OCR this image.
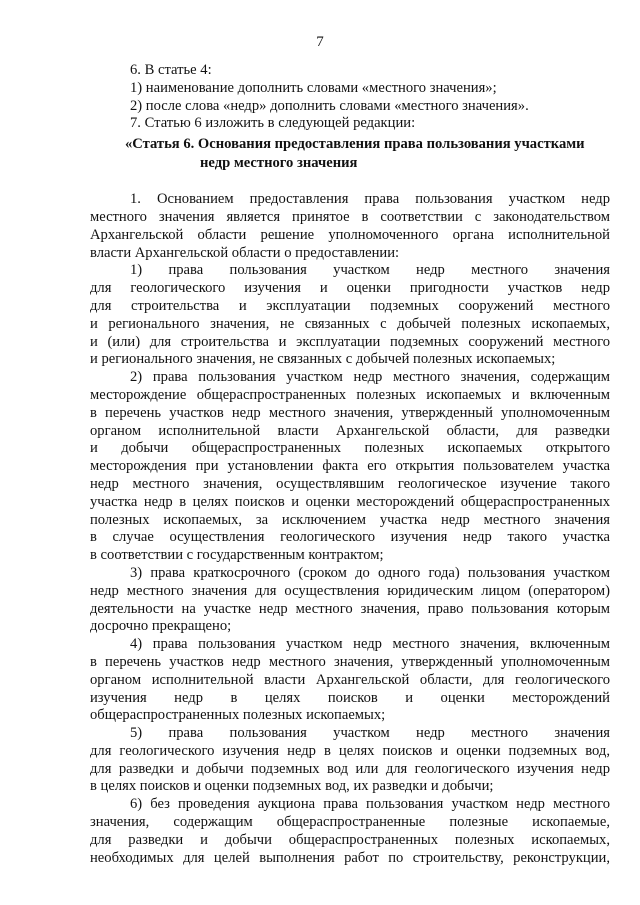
7
6. В статье 4:
1) наименование дополнить словами «местного значения»;
2) после слова «недр» дополнить словами «местного значения».
7. Статью 6 изложить в следующей редакции:
«Статья 6. Основания предоставления права пользования участками
недр местного значения
1. Основанием предоставления права пользования участком недр
местного значения является принятое в соответствии с законодательством
Архангельской области решение уполномоченного органа исполнительной
власти Архангельской области о предоставлении:
1) права пользования участком недр местного значения
для геологического изучения и оценки пригодности участков недр
для строительства и эксплуатации подземных сооружений местного
и регионального значения, не связанных с добычей полезных ископаемых,
и (или) для строительства и эксплуатации подземных сооружений местного
и регионального значения, не связанных с добычей полезных ископаемых;
2) права пользования участком недр местного значения, содержащим
месторождение общераспространенных полезных ископаемых и включенным
в перечень участков недр местного значения, утвержденный уполномоченным
органом исполнительной власти Архангельской области, для разведки
и добычи общераспространенных полезных ископаемых открытого
месторождения при установлении факта его открытия пользователем участка
недр местного значения, осуществлявшим геологическое изучение такого
участка недр в целях поисков и оценки месторождений общераспространенных
полезных ископаемых, за исключением участка недр местного значения
в случае осуществления геологического изучения недр такого участка
в соответствии с государственным контрактом;
3) права краткосрочного (сроком до одного года) пользования участком
недр местного значения для осуществления юридическим лицом (оператором)
деятельности на участке недр местного значения, право пользования которым
досрочно прекращено;
4) права пользования участком недр местного значения, включенным
в перечень участков недр местного значения, утвержденный уполномоченным
органом исполнительной власти Архангельской области, для геологического
изучения недр в целях поисков и оценки месторождений
общераспространенных полезных ископаемых;
5) права пользования участком недр местного значения
для геологического изучения недр в целях поисков и оценки подземных вод,
для разведки и добычи подземных вод или для геологического изучения недр
в целях поисков и оценки подземных вод, их разведки и добычи;
6) без проведения аукциона права пользования участком недр местного
значения, содержащим общераспространенные полезные ископаемые,
для разведки и добычи общераспространенных полезных ископаемых,
необходимых для целей выполнения работ по строительству, реконструкции,
